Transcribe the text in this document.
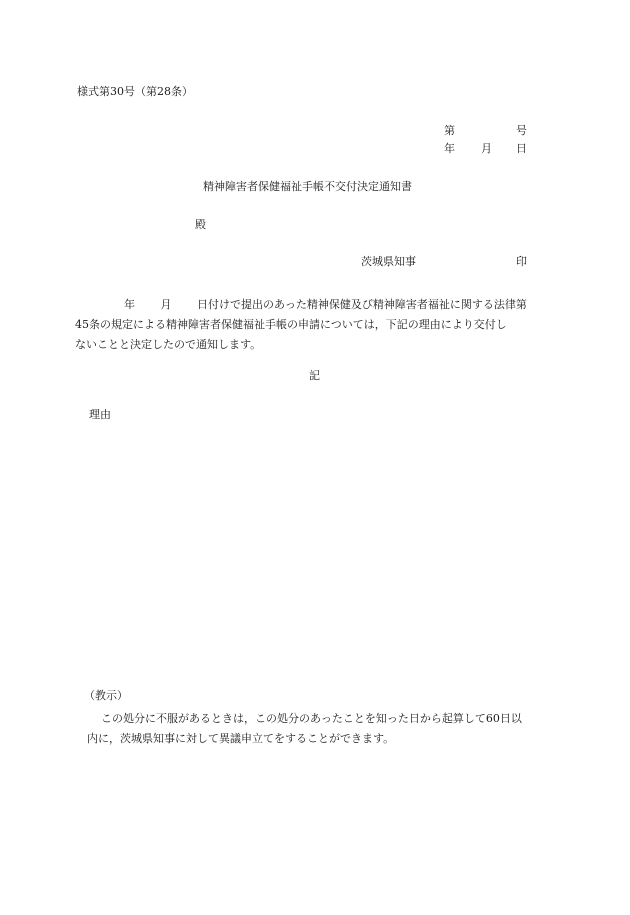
様式第30号（第28条）
第	号
年 月 日
精神障害者保健福祉手帳不交付決定通知書
殿
茨城県知事	印
年　　 月　　 日付けで提出のあった精神保健及び精神障害者福祉に関する法律第
45条の規定による精神障害者保健福祉手帳の申請については，下記の理由により交付し
ないことと決定したので通知します。
記
理由
（教示）
この処分に不服があるときは，この処分のあったことを知った日から起算して60日以
内に，茨城県知事に対して異議申立てをすることができます。
